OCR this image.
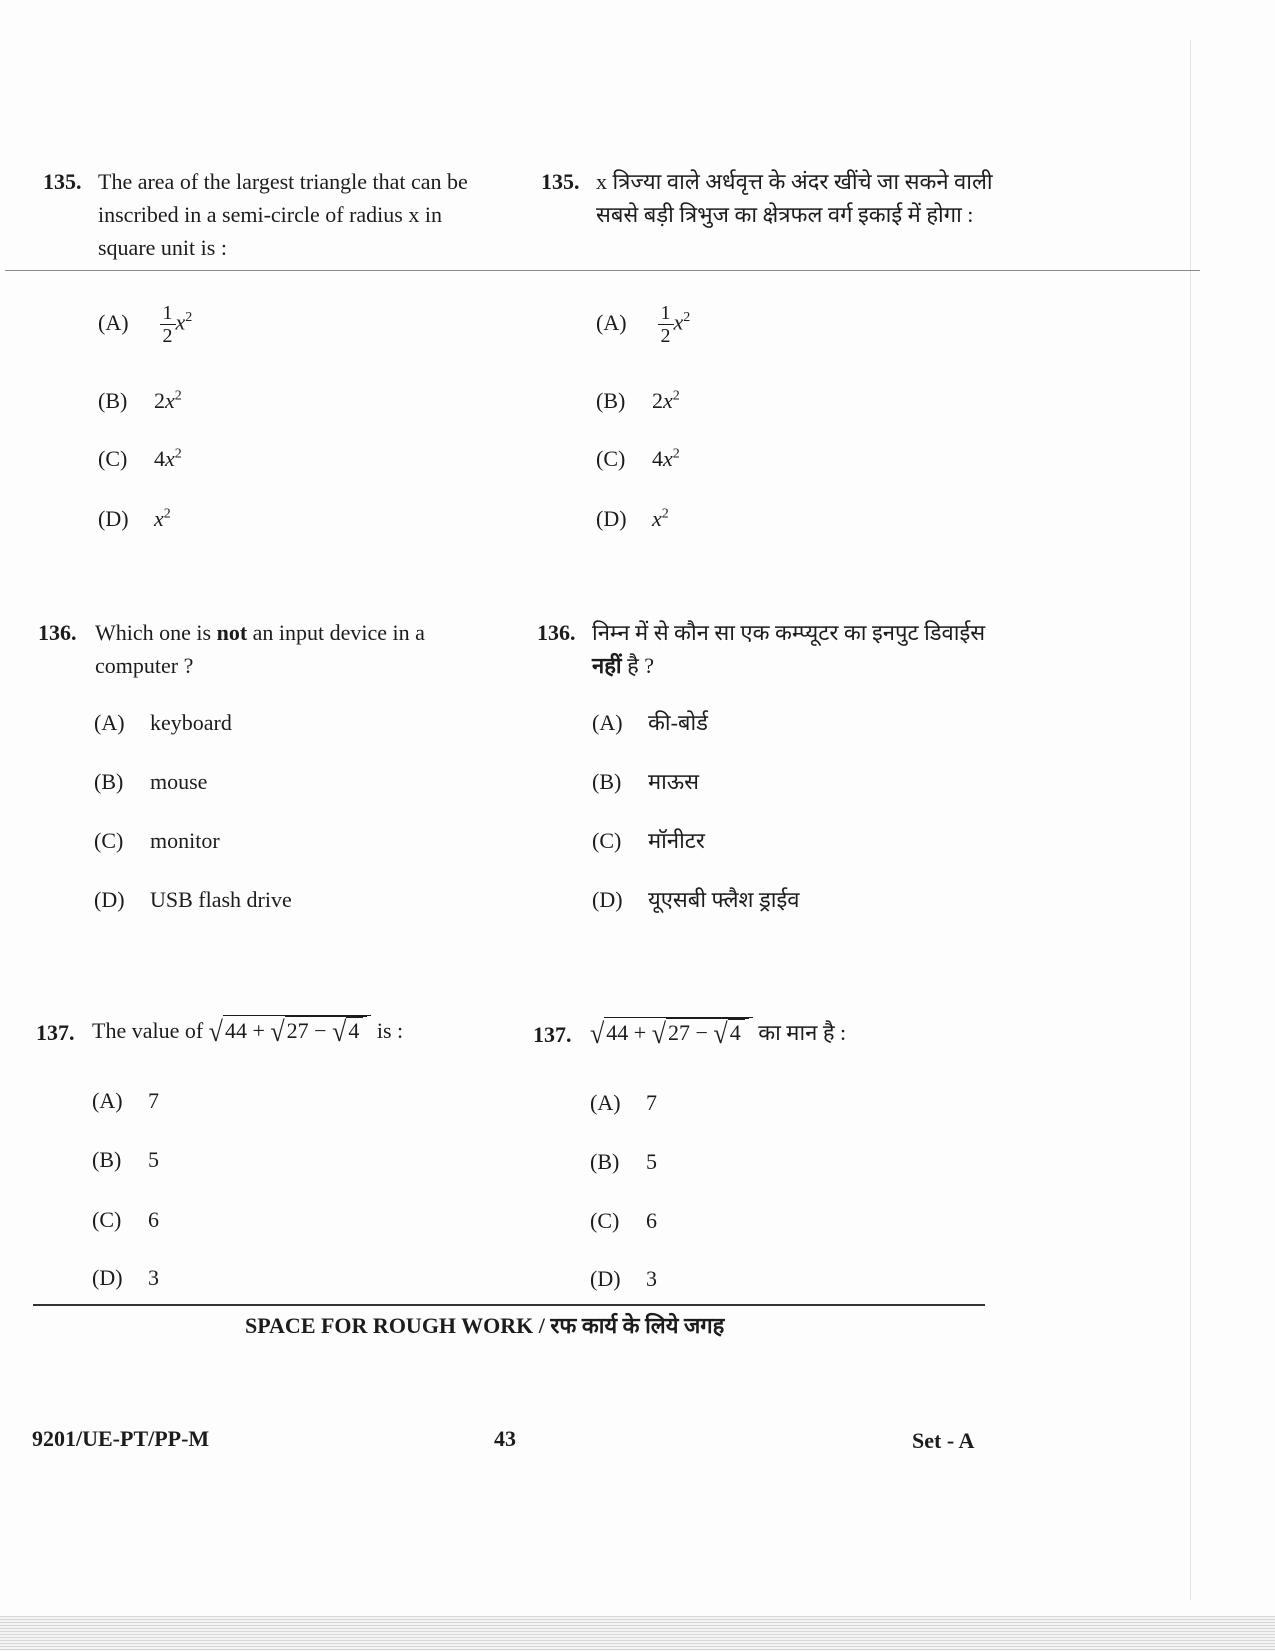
135. The area of the largest triangle that can be inscribed in a semi-circle of radius x in square unit is :
135. x त्रिज्या वाले अर्धवृत्त के अंदर खींचे जा सकने वाली सबसे बड़ी त्रिभुज का क्षेत्रफल वर्ग इकाई में होगा :
$(A) \frac{1}{2} x^2$
(B) $2x^2$
(C) $4x^2$
(D) $x^2$
$(A) \frac{1}{2} x^2$
(B) $2x^2$
(C) $4x^2$
(D) $x^2$
136. Which one is not an input device in a computer ?
136. निम्न में से कौन सा एक कम्प्यूटर का इनपुट डिवाईस नहीं है ?
(A) keyboard
(B) mouse
(C) monitor
(D) USB flash drive
(A) की-बोर्ड
(B) माऊस
(C) मॉनीटर
(D) यूएसबी फ्लैश ड्राईव
137. The value of √44 + √27 − √4 is :	137. √44 + √27 − √4 का मान है :
(A) 7
(B) 5
(C) 6
(D) 3
(A) 7
(B) 5
(C) 6
(D) 3
SPACE FOR ROUGH WORK / रफ कार्य के लिये जगह
9201/UE-PT/PP-M	43	Set - A
